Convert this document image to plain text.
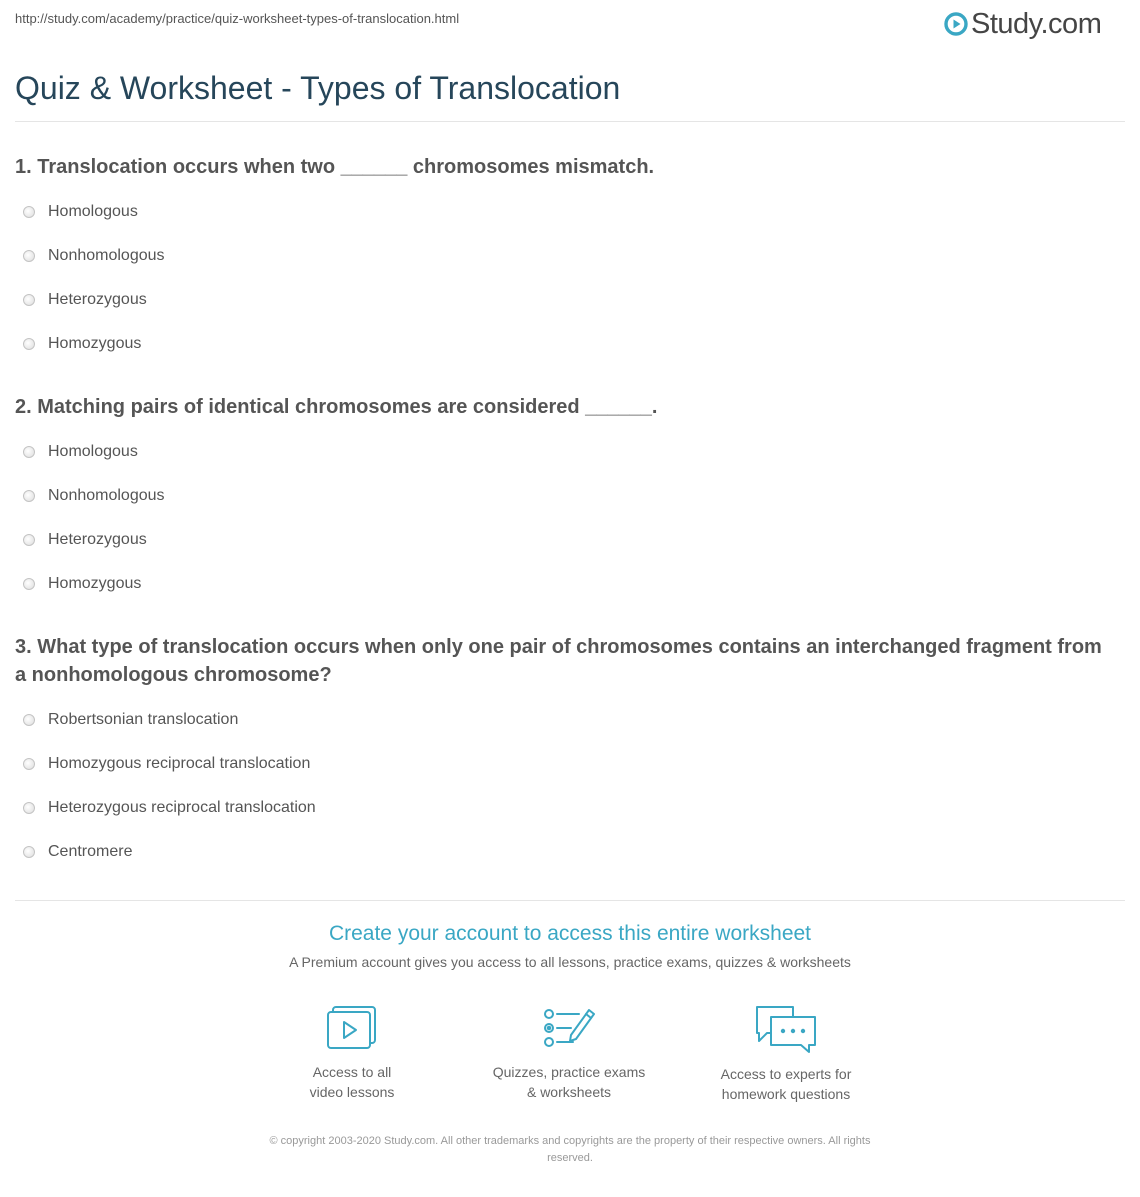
http://study.com/academy/practice/quiz-worksheet-types-of-translocation.html	Study.com
Quiz & Worksheet - Types of Translocation

1. Translocation occurs when two ______ chromosomes mismatch.

Homologous
Nonhomologous
Heterozygous
Homozygous

2. Matching pairs of identical chromosomes are considered ______.

Homologous
Nonhomologous
Heterozygous
Homozygous

3. What type of translocation occurs when only one pair of chromosomes contains an interchanged fragment from a nonhomologous chromosome?

Robertsonian translocation
Homozygous reciprocal translocation
Heterozygous reciprocal translocation
Centromere
Create your account to access this entire worksheet
A Premium account gives you access to all lessons, practice exams, quizzes & worksheets
Access to all
video lessons
Quizzes, practice exams
& worksheets
Access to experts for
homework questions
© copyright 2003-2020 Study.com. All other trademarks and copyrights are the property of their respective owners. All rights
reserved.
